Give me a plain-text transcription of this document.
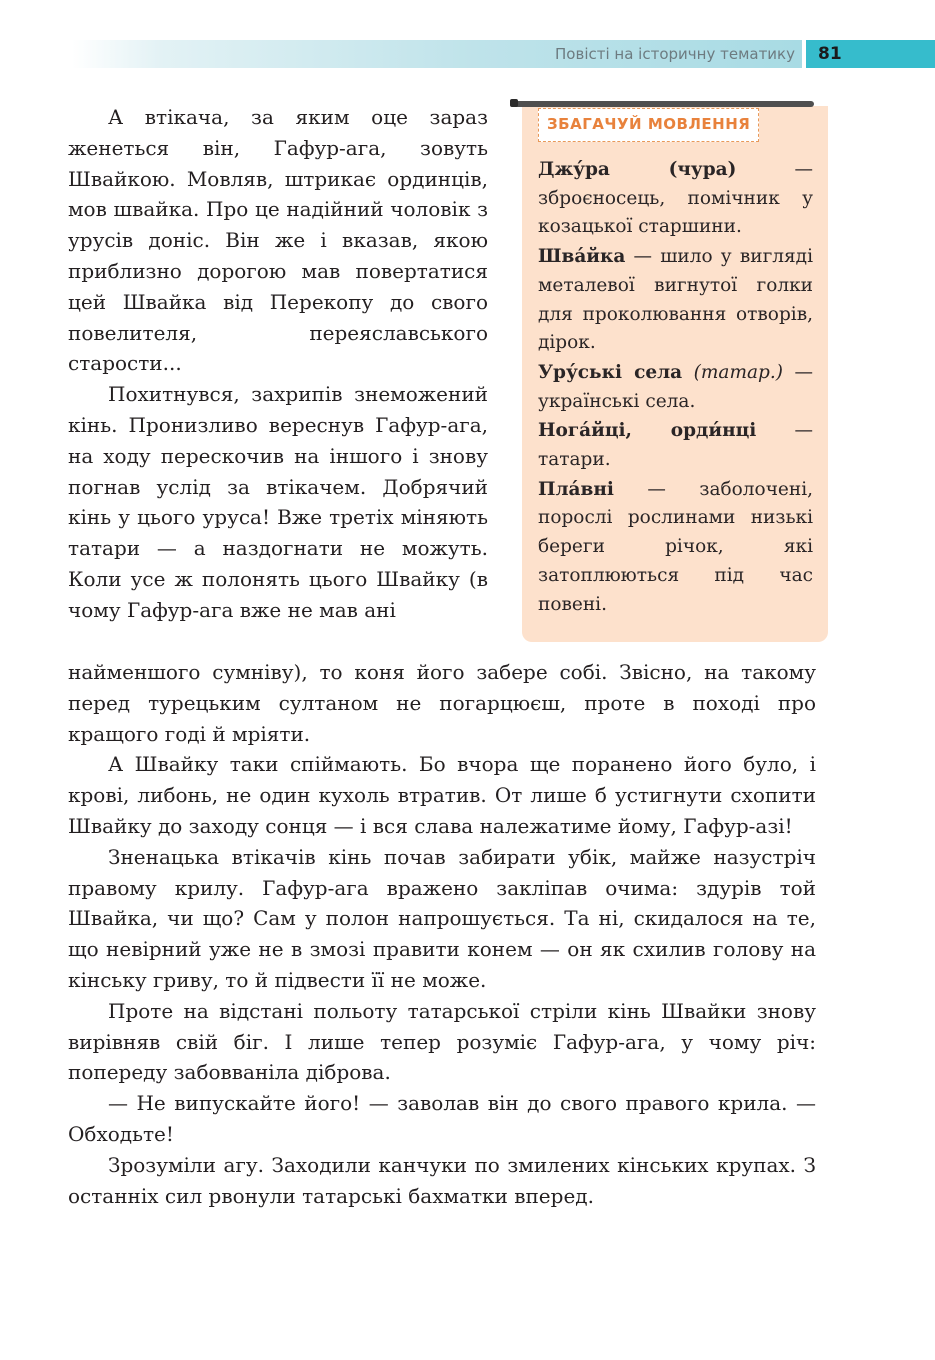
Повісті на історичну тематику	81

А втікача, за яким оце зараз женеться він, Гафур-ага, зовуть Швайкою. Мовляв, штрикає ординців, мов швайка. Про це надійний чоловік з урусів доніс. Він же і вказав, якою приблизно дорогою мав повертатися цей Швайка від Перекопу до свого повелителя, переяславського старости...

Похитнувся, захрипів знеможений кінь. Пронизливо вереснув Гафур-ага, на ходу перескочив на іншого і знову погнав услід за втікачем. Добрячий кінь у цього уруса! Вже третіх міняють татари — а наздогнати не можуть. Коли усе ж полонять цього Швайку (в чому Гафур-ага вже не мав ані

найменшого сумніву), то коня його забере собі. Звісно, на такому перед турецьким султаном не погарцюєш, проте в поході про кращого годі й мріяти.

А Швайку таки спіймають. Бо вчора ще поранено його було, і крові, либонь, не один кухоль втратив. От лише б устигнути схопити Швайку до заходу сонця — і вся слава належатиме йому, Гафур-азі!

Зненацька втікачів кінь почав забирати убік, майже назустріч правому крилу. Гафур-ага вражено закліпав очима: здурів той Швайка, чи що? Сам у полон напрошується. Та ні, скидалося на те, що невірний уже не в змозі правити конем — он як схилив голову на кінську гриву, то й підвести її не може.

Проте на відстані польоту татарської стріли кінь Швайки знову вирівняв свій біг. І лише тепер розуміє Гафур-ага, у чому річ: попереду забовваніла діброва.

— Не випускайте його! — заволав він до свого правого крила. — Обходьте!

Зрозуміли агу. Заходили канчуки по змилених кінських крупах. З останніх сил рвонули татарські бахматки вперед.

ЗБАГАЧУЙ МОВЛЕННЯ
Джу́ра (чура) — зброєносець, помічник у козацької старшини.
Шва́йка — шило у вигляді металевої вигнутої голки для проколювання отворів, дірок.
Уру́ські села (татар.) — українські села.
Нога́йці, орди́нці — татари.
Пла́вні — заболочені, порослі рослинами низькі береги річок, які затоплюються під час повені.
